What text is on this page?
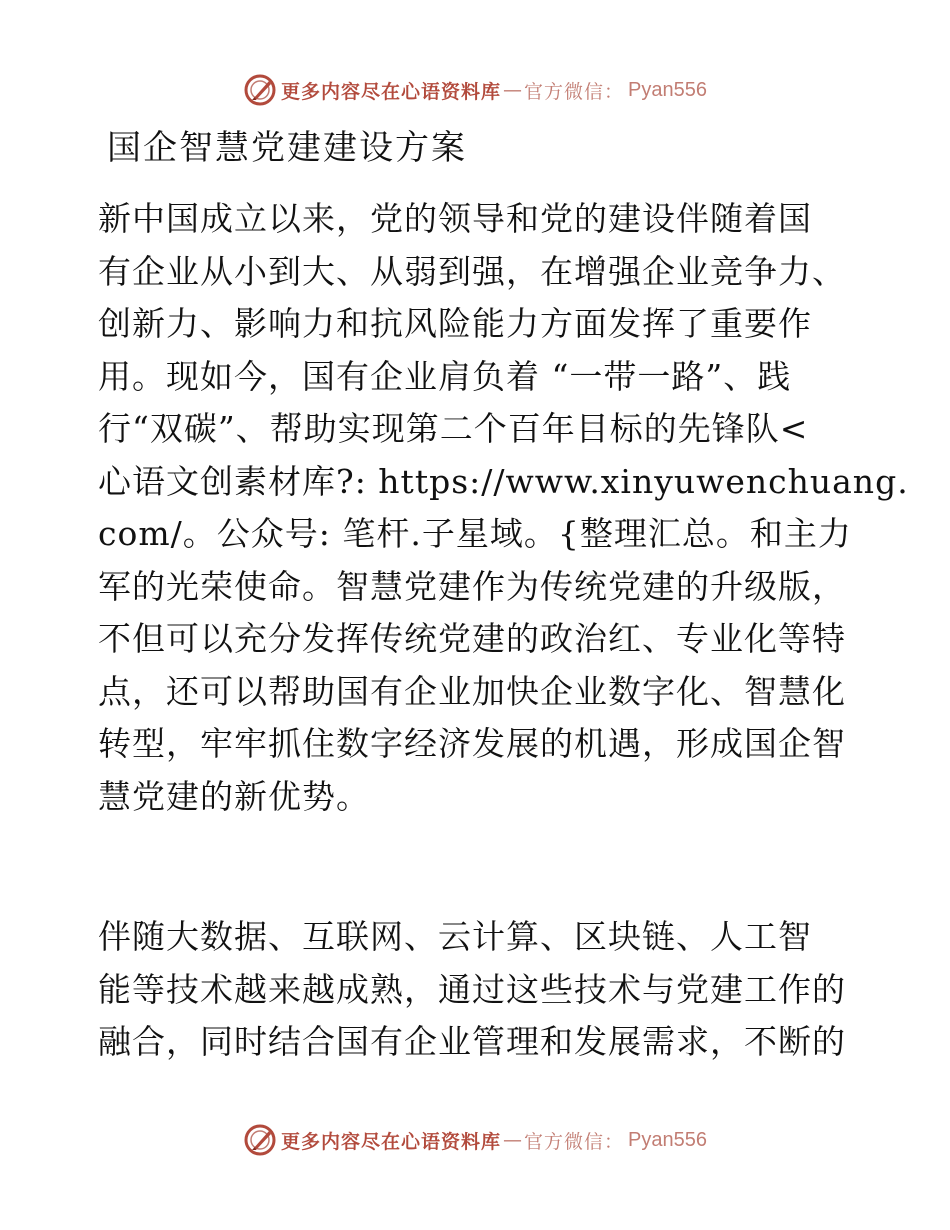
更多内容尽在心语资料库 — 官方微信： Pyan556
国企智慧党建建设方案
新中国成立以来，党的领导和党的建设伴随着国
有企业从小到大、从弱到强，在增强企业竞争力、
创新力、影响力和抗风险能力方面发挥了重要作
用。现如今，国有企业肩负着 “一带一路”、践
行“双碳”、帮助实现第二个百年目标的先锋队<
心语文创素材库?: https://www.xinyuwenchuang.
com/。公众号: 笔杆.子星域。{整理汇总。和主力
军的光荣使命。智慧党建作为传统党建的升级版，
不但可以充分发挥传统党建的政治红、专业化等特
点，还可以帮助国有企业加快企业数字化、智慧化
转型，牢牢抓住数字经济发展的机遇，形成国企智
慧党建的新优势。
伴随大数据、互联网、云计算、区块链、人工智
能等技术越来越成熟，通过这些技术与党建工作的
融合，同时结合国有企业管理和发展需求，不断的
更多内容尽在心语资料库 — 官方微信： Pyan556
